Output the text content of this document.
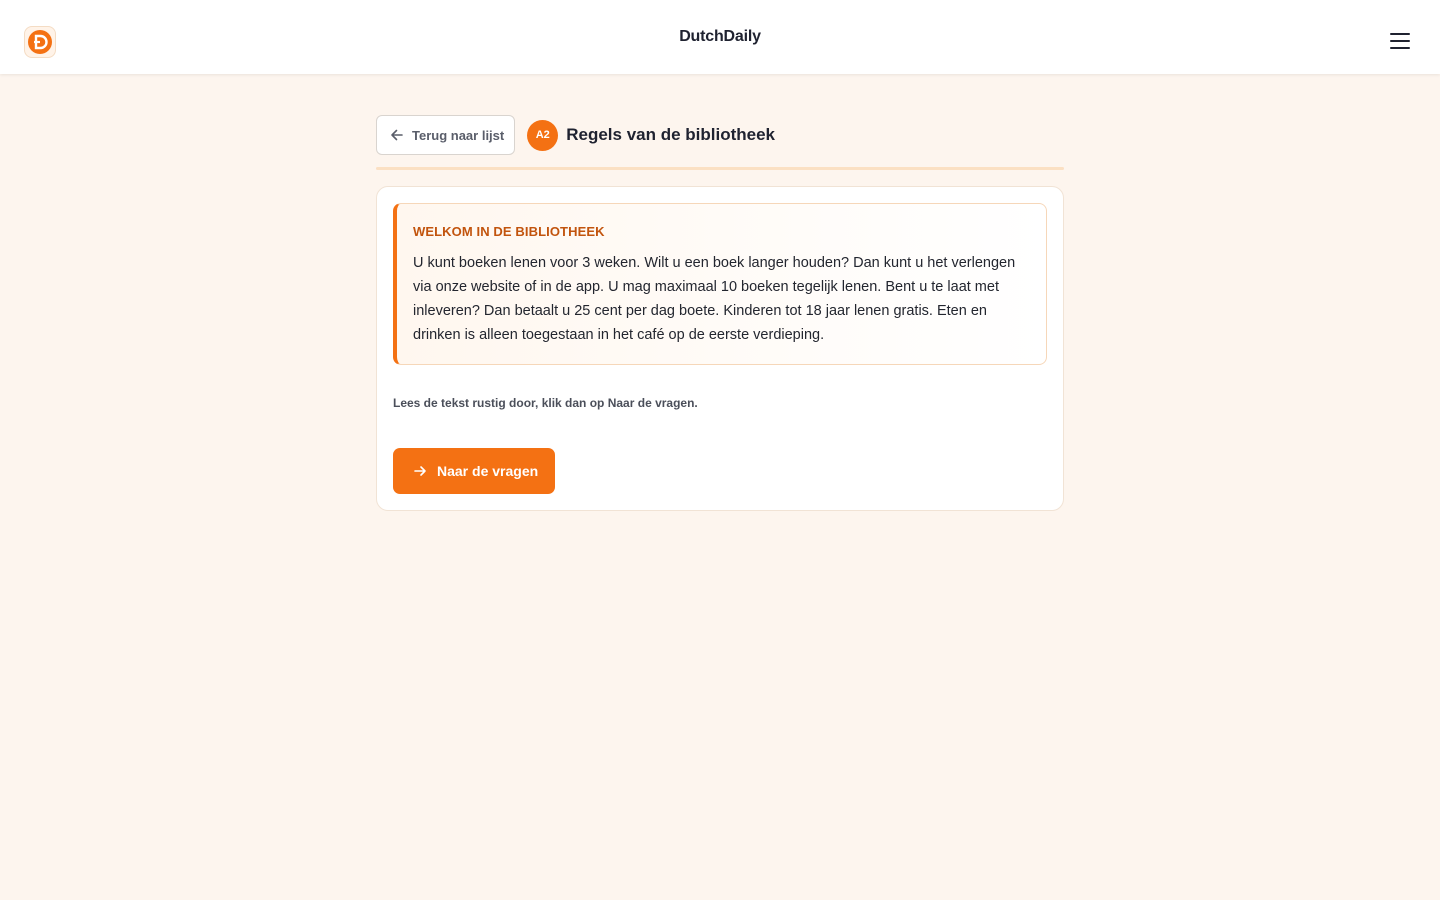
DutchDaily
Terug naar lijst	A2 Regels van de bibliotheek
WELKOM IN DE BIBLIOTHEEK

U kunt boeken lenen voor 3 weken. Wilt u een boek langer houden? Dan kunt u het verlengen via onze website of in de app. U mag maximaal 10 boeken tegelijk lenen. Bent u te laat met inleveren? Dan betaalt u 25 cent per dag boete. Kinderen tot 18 jaar lenen gratis. Eten en drinken is alleen toegestaan in het café op de eerste verdieping.

Lees de tekst rustig door, klik dan op Naar de vragen.

Naar de vragen
